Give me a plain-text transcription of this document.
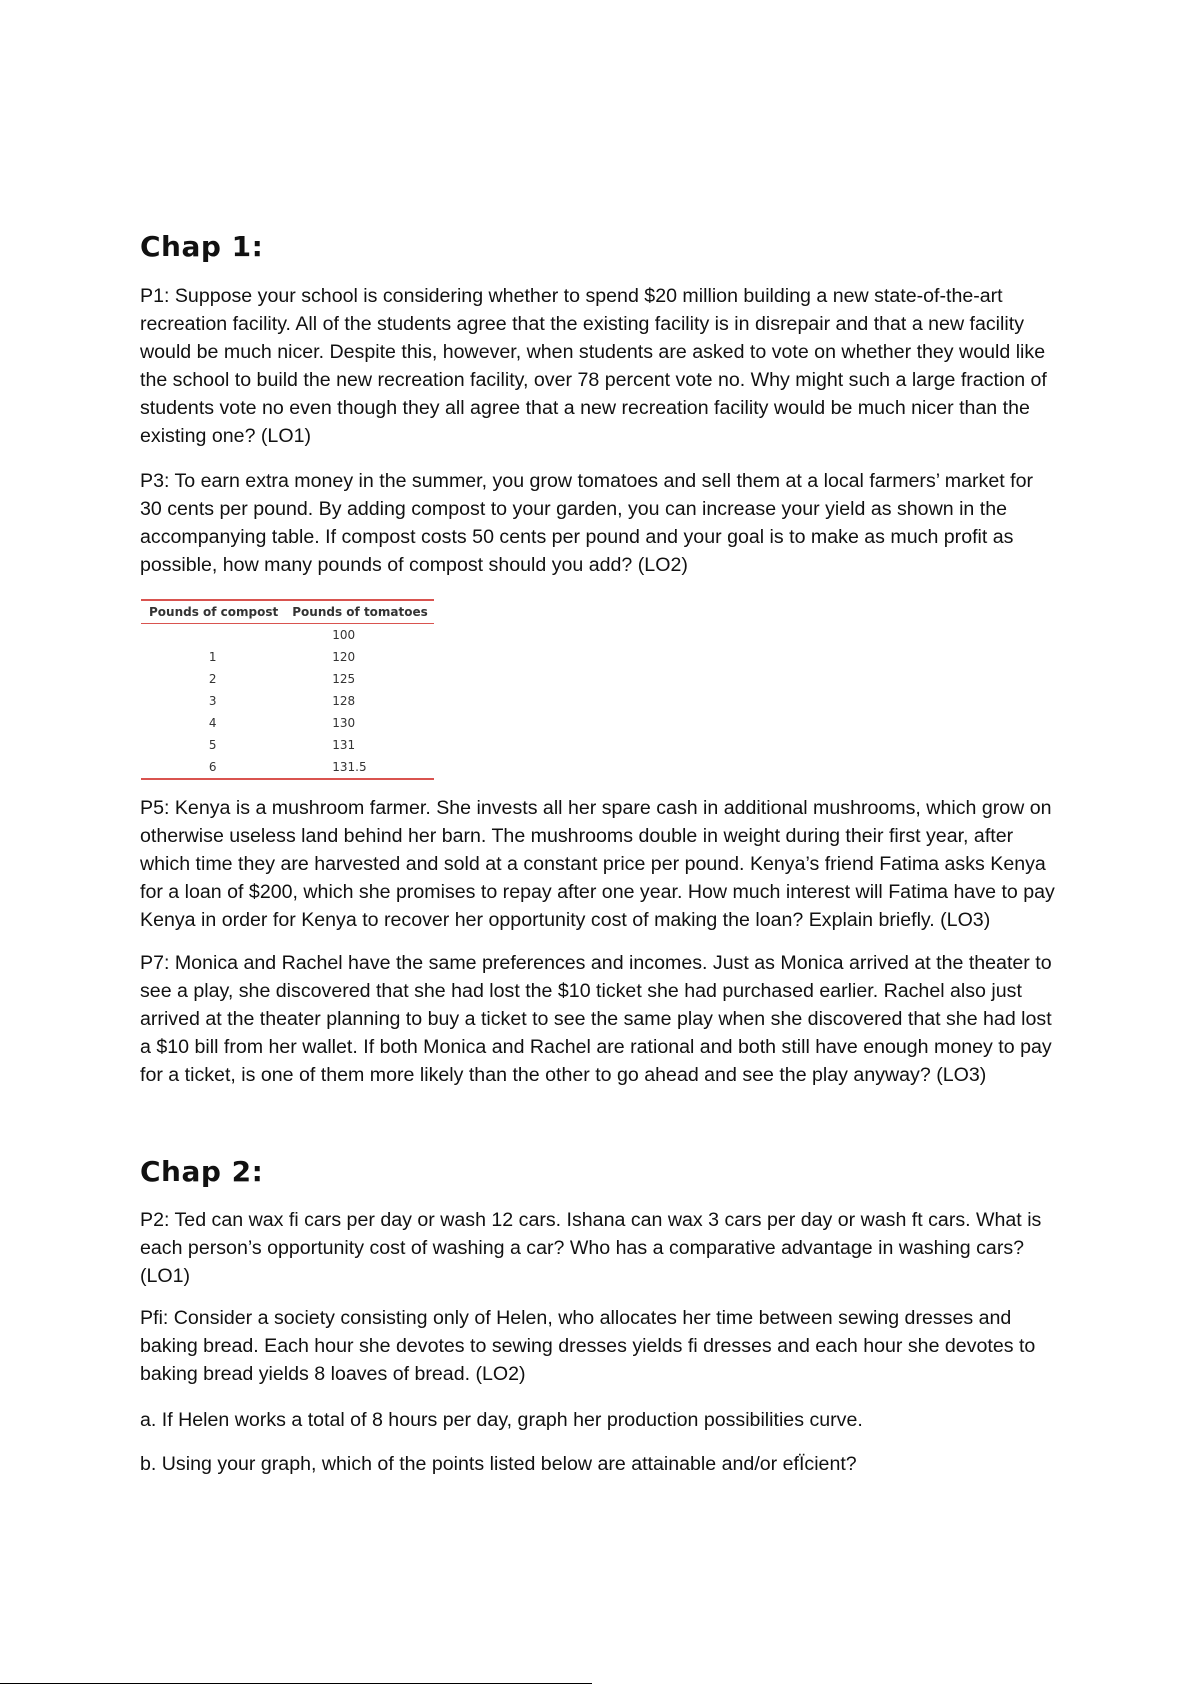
Chap 1:

P1: Suppose your school is considering whether to spend $20 million building a new state-of-the-art recreation facility. All of the students agree that the existing facility is in disrepair and that a new facility would be much nicer. Despite this, however, when students are asked to vote on whether they would like the school to build the new recreation facility, over 78 percent vote no. Why might such a large fraction of students vote no even though they all agree that a new recreation facility would be much nicer than the existing one? (LO1)

P3: To earn extra money in the summer, you grow tomatoes and sell them at a local farmers’ market for 30 cents per pound. By adding compost to your garden, you can increase your yield as shown in the accompanying table. If compost costs 50 cents per pound and your goal is to make as much profit as possible, how many pounds of compost should you add? (LO2)

Pounds of compost	Pounds of tomatoes
	100
1	120
2	125
3	128
4	130
5	131
6	131.5

P5: Kenya is a mushroom farmer. She invests all her spare cash in additional mushrooms, which grow on otherwise useless land behind her barn. The mushrooms double in weight during their first year, after which time they are harvested and sold at a constant price per pound. Kenya’s friend Fatima asks Kenya for a loan of $200, which she promises to repay after one year. How much interest will Fatima have to pay Kenya in order for Kenya to recover her opportunity cost of making the loan? Explain briefly. (LO3)

P7: Monica and Rachel have the same preferences and incomes. Just as Monica arrived at the theater to see a play, she discovered that she had lost the $10 ticket she had purchased earlier. Rachel also just arrived at the theater planning to buy a ticket to see the same play when she discovered that she had lost a $10 bill from her wallet. If both Monica and Rachel are rational and both still have enough money to pay for a ticket, is one of them more likely than the other to go ahead and see the play anyway? (LO3)

Chap 2:

P2: Ted can wax ﬁ cars per day or wash 12 cars. Ishana can wax 3 cars per day or wash ft cars. What is each person’s opportunity cost of washing a car? Who has a comparative advantage in washing cars? (LO1)

Pﬁ: Consider a society consisting only of Helen, who allocates her time between sewing dresses and baking bread. Each hour she devotes to sewing dresses yields ﬁ dresses and each hour she devotes to baking bread yields 8 loaves of bread. (LO2)

a. If Helen works a total of 8 hours per day, graph her production possibilities curve.

b. Using your graph, which of the points listed below are attainable and/or efÏcient?
